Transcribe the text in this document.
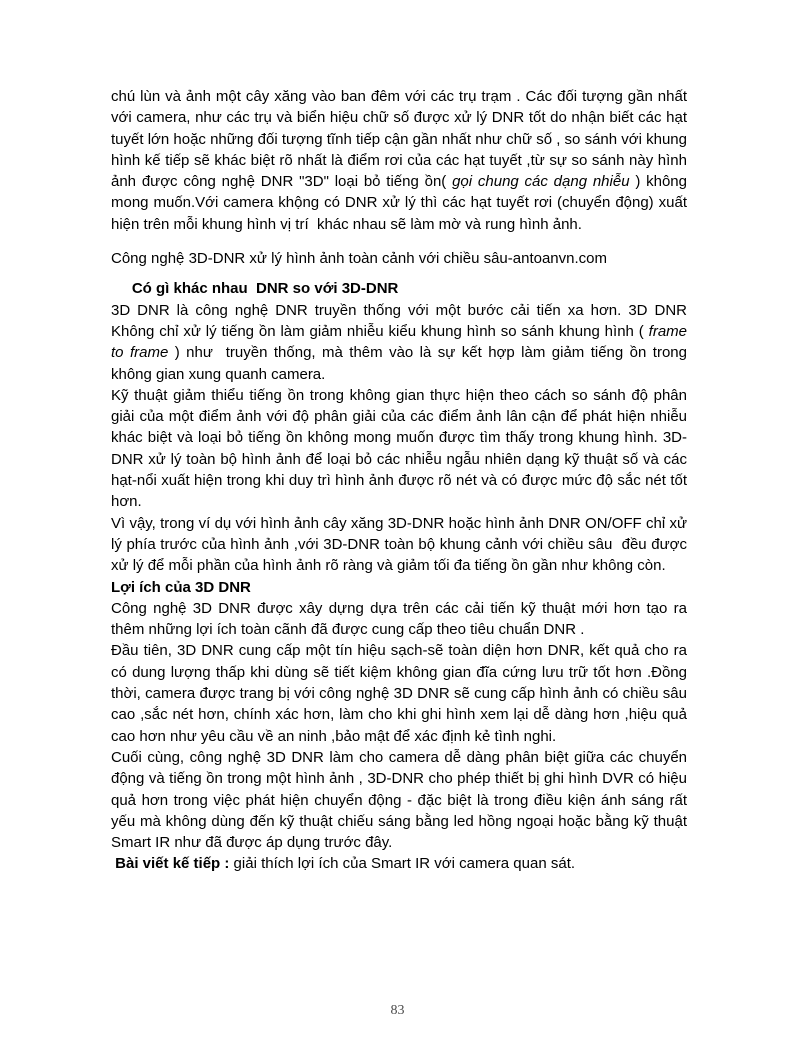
chú lùn và ảnh một cây xăng vào ban đêm với các trụ trạm . Các đối tượng gần nhất với camera, như các trụ và biển hiệu chữ số được xử lý DNR tốt do nhận biết các hạt tuyết lớn hoặc những đối tượng tĩnh tiếp cận gần nhất như chữ số , so sánh với khung hình kế tiếp sẽ khác biệt rõ nhất là điểm rơi của các hạt tuyết ,từ sự so sánh này hình ảnh được công nghệ DNR "3D" loại bỏ tiếng ồn( gọi chung các dạng nhiễu ) không mong muốn.Với camera khộng có DNR xử lý thì các hạt tuyết rơi (chuyển động) xuất hiện trên mỗi khung hình vị trí  khác nhau sẽ làm mờ và rung hình ảnh.

Công nghệ 3D-DNR xử lý hình ảnh toàn cảnh với chiều sâu-antoanvn.com

Có gì khác nhau  DNR so với 3D-DNR

3D DNR là công nghệ DNR truyền thống với một bước cải tiến xa hơn. 3D DNR Không chỉ xử lý tiếng ồn làm giảm nhiễu kiểu khung hình so sánh khung hình ( frame to frame ) như  truyền thống, mà thêm vào là sự kết hợp làm giảm tiếng ồn trong không gian xung quanh camera.

Kỹ thuật giảm thiểu tiếng ồn trong không gian thực hiện theo cách so sánh độ phân giải của một điểm ảnh với độ phân giải của các điểm ảnh lân cận để phát hiện nhiễu khác biệt và loại bỏ tiếng ồn không mong muốn được tìm thấy trong khung hình. 3D-DNR xử lý toàn bộ hình ảnh để loại bỏ các nhiễu ngẫu nhiên dạng kỹ thuật số và các hạt-nổi xuất hiện trong khi duy trì hình ảnh được rõ nét và có được mức độ sắc nét tốt hơn.

Vì vậy, trong ví dụ với hình ảnh cây xăng 3D-DNR hoặc hình ảnh DNR ON/OFF chỉ xử lý phía trước của hình ảnh ,với 3D-DNR toàn bộ khung cảnh với chiều sâu  đều được xử lý để mỗi phần của hình ảnh rõ ràng và giảm tối đa tiếng ồn gần như không còn.

Lợi ích của 3D DNR

Công nghệ 3D DNR được xây dựng dựa trên các cải tiến kỹ thuật mới hơn tạo ra thêm những lợi ích toàn cãnh đã được cung cấp theo tiêu chuẩn DNR .

Đầu tiên, 3D DNR cung cấp một tín hiệu sạch-sẽ toàn diện hơn DNR, kết quả cho ra có dung lượng thấp khi dùng sẽ tiết kiệm không gian đĩa cứng lưu trữ tốt hơn .Đồng thời, camera được trang bị với công nghệ 3D DNR sẽ cung cấp hình ảnh có chiều sâu cao ,sắc nét hơn, chính xác hơn, làm cho khi ghi hình xem lại dễ dàng hơn ,hiệu quả cao hơn như yêu cầu về an ninh ,bảo mật để xác định kẻ tình nghi.

Cuối cùng, công nghệ 3D DNR làm cho camera dễ dàng phân biệt giữa các chuyển động và tiếng ồn trong một hình ảnh , 3D-DNR cho phép thiết bị ghi hình DVR có hiệu quả hơn trong việc phát hiện chuyển động - đặc biệt là trong điều kiện ánh sáng rất yếu mà không dùng đến kỹ thuật chiếu sáng bằng led hồng ngoại hoặc bằng kỹ thuật Smart IR như đã được áp dụng trước đây.

Bài viết kế tiếp : giải thích lợi ích của Smart IR với camera quan sát.

83
